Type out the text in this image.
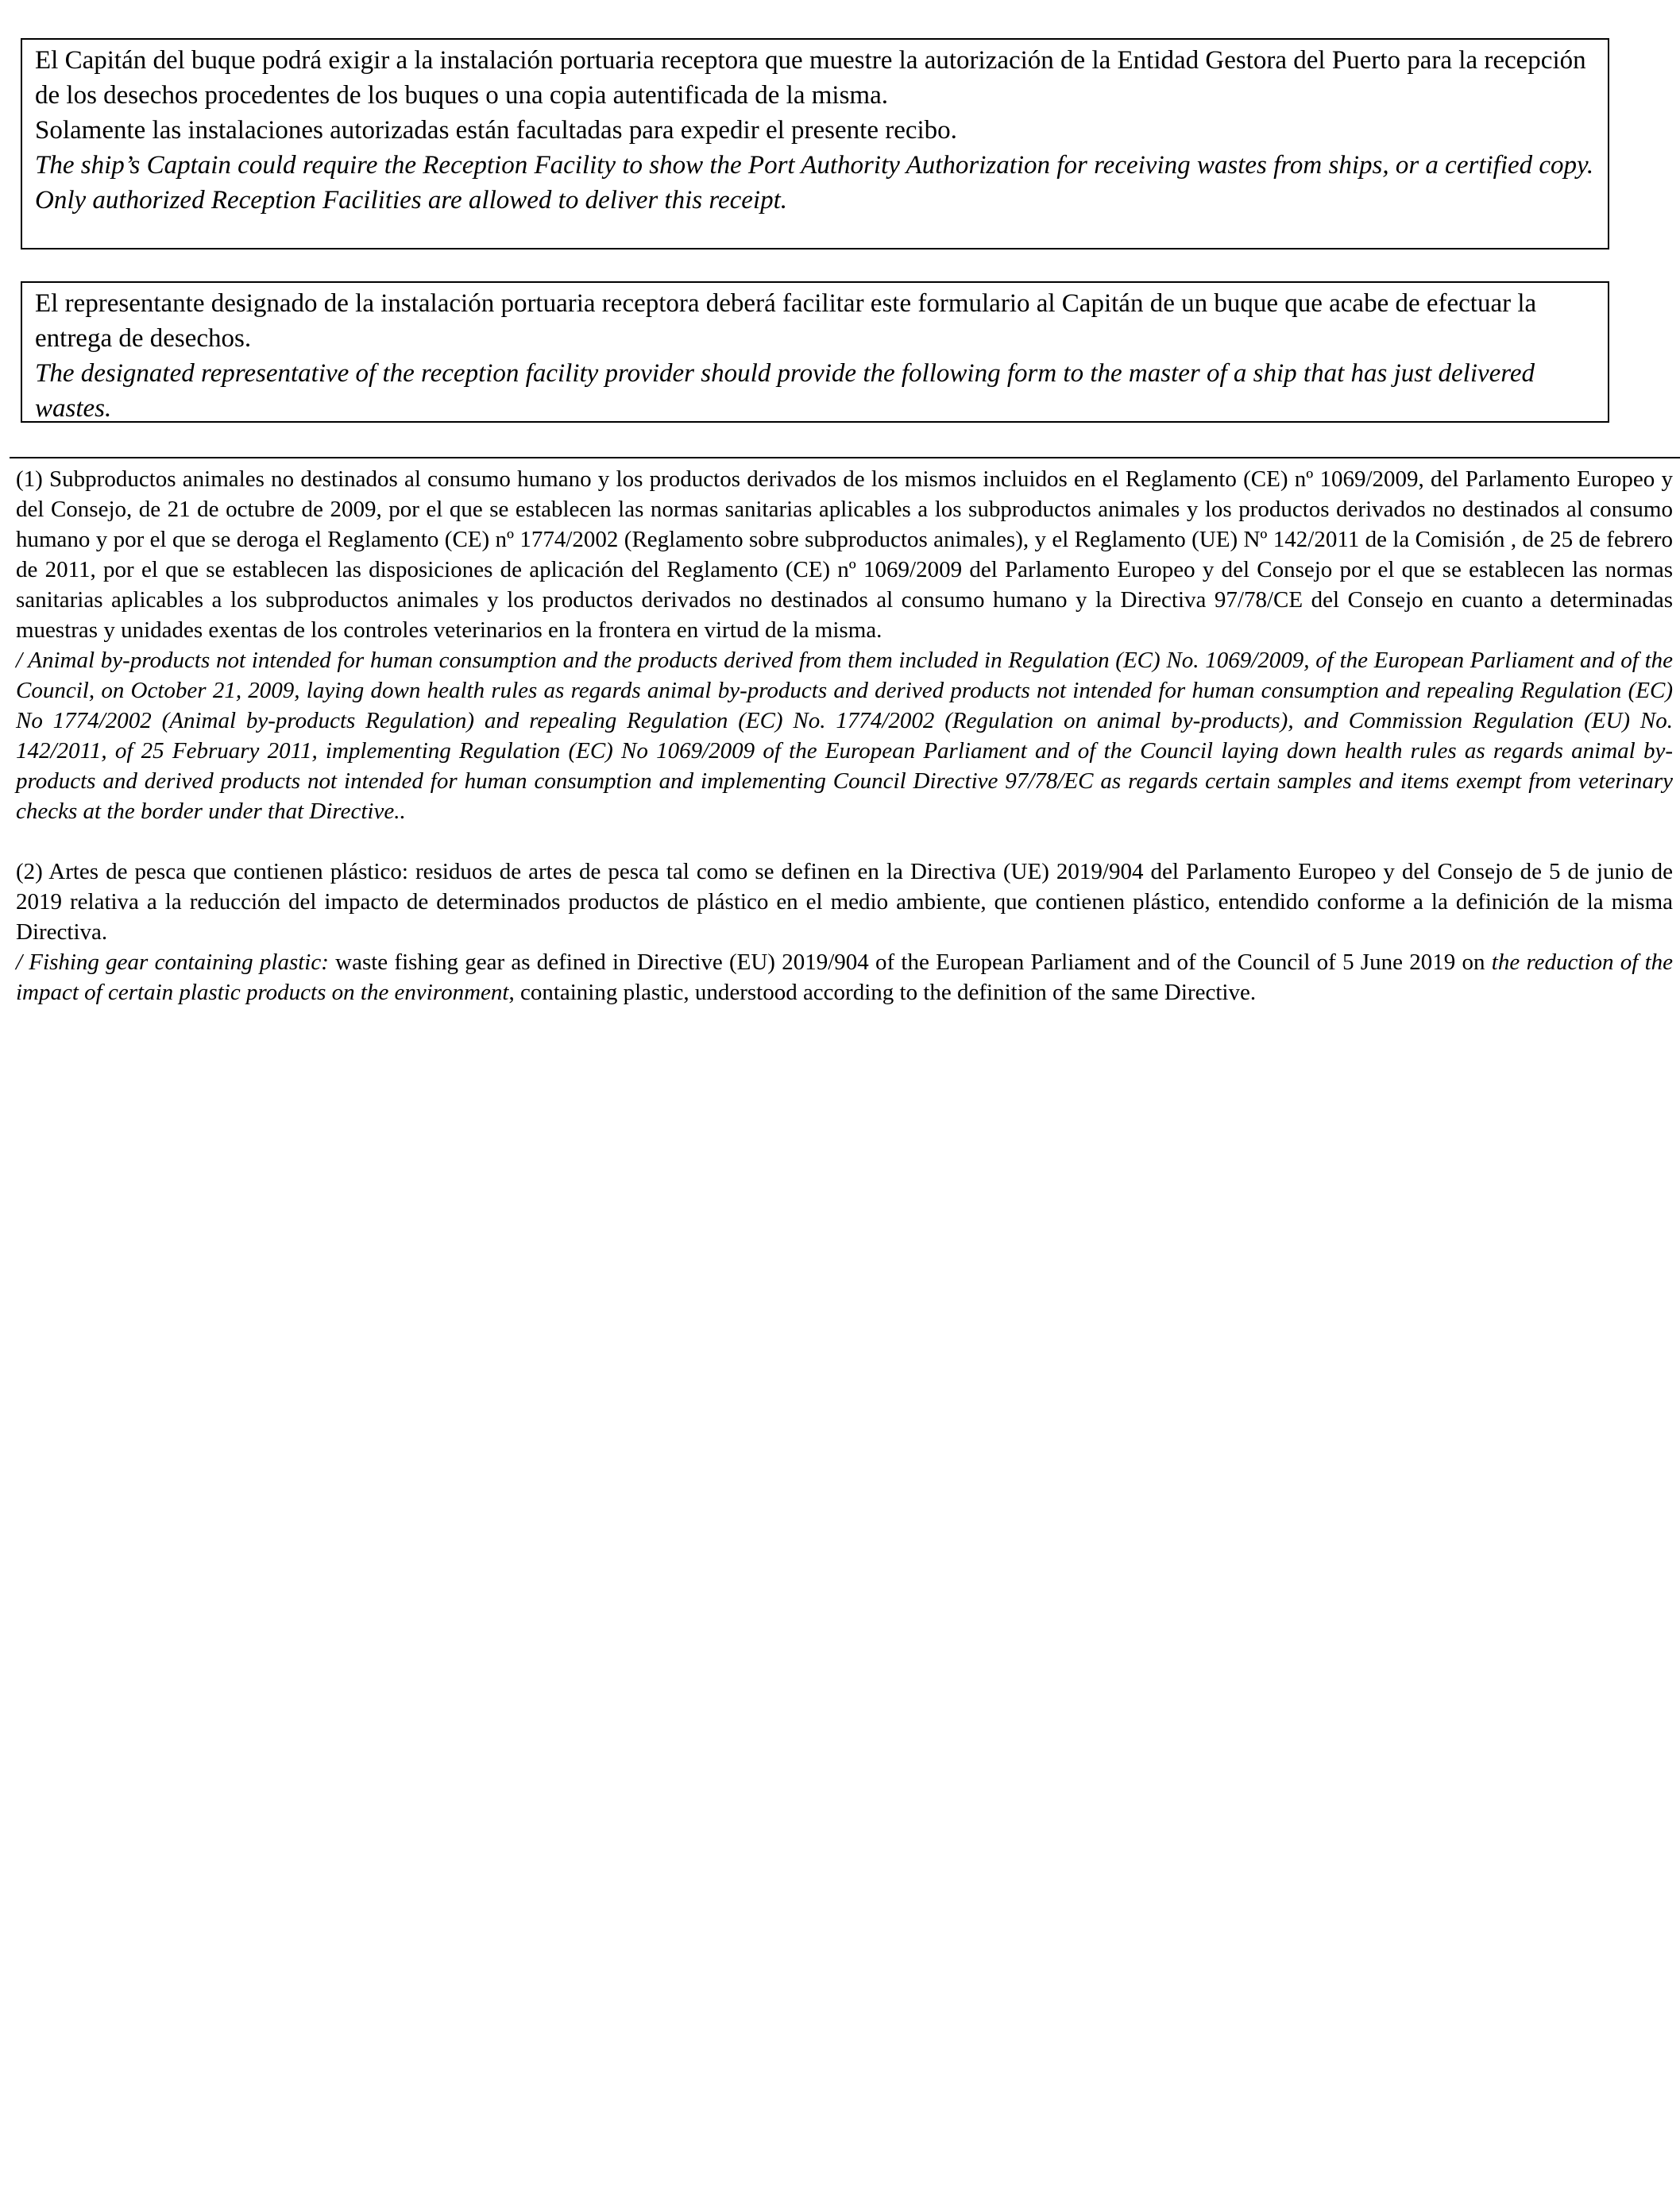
El Capitán del buque podrá exigir a la instalación portuaria receptora que muestre la autorización de la Entidad Gestora del Puerto para la recepción de los desechos procedentes de los buques o una copia autentificada de la misma.

Solamente las instalaciones autorizadas están facultadas para expedir el presente recibo.

The ship’s Captain could require the Reception Facility to show the Port Authority Authorization for receiving wastes from ships, or a certified copy.

Only authorized Reception Facilities are allowed to deliver this receipt.

El representante designado de la instalación portuaria receptora deberá facilitar este formulario al Capitán de un buque que acabe de efectuar la entrega de desechos.

The designated representative of the reception facility provider should provide the following form to the master of a ship that has just delivered wastes.

(1) Subproductos animales no destinados al consumo humano y los productos derivados de los mismos incluidos en el Reglamento (CE) nº 1069/2009, del Parlamento Europeo y del Consejo, de 21 de octubre de 2009, por el que se establecen las normas sanitarias aplicables a los subproductos animales y los productos derivados no destinados al consumo humano y por el que se deroga el Reglamento (CE) nº 1774/2002 (Reglamento sobre subproductos animales), y el Reglamento (UE) Nº 142/2011 de la Comisión , de 25 de febrero de 2011, por el que se establecen las disposiciones de aplicación del Reglamento (CE) nº 1069/2009 del Parlamento Europeo y del Consejo por el que se establecen las normas sanitarias aplicables a los subproductos animales y los productos derivados no destinados al consumo humano y la Directiva 97/78/CE del Consejo en cuanto a determinadas muestras y unidades exentas de los controles veterinarios en la frontera en virtud de la misma.

/ Animal by-products not intended for human consumption and the products derived from them included in Regulation (EC) No. 1069/2009, of the European Parliament and of the Council, on October 21, 2009, laying down health rules as regards animal by-products and derived products not intended for human consumption and repealing Regulation (EC) No 1774/2002 (Animal by-products Regulation) and repealing Regulation (EC) No. 1774/2002 (Regulation on animal by-products), and Commission Regulation (EU) No. 142/2011, of 25 February 2011, implementing Regulation (EC) No 1069/2009 of the European Parliament and of the Council laying down health rules as regards animal by-products and derived products not intended for human consumption and implementing Council Directive 97/78/EC as regards certain samples and items exempt from veterinary checks at the border under that Directive..

(2) Artes de pesca que contienen plástico: residuos de artes de pesca tal como se definen en la Directiva (UE) 2019/904 del Parlamento Europeo y del Consejo de 5 de junio de 2019 relativa a la reducción del impacto de determinados productos de plástico en el medio ambiente, que contienen plástico, entendido conforme a la definición de la misma Directiva.

/ Fishing gear containing plastic: waste fishing gear as defined in Directive (EU) 2019/904 of the European Parliament and of the Council of 5 June 2019 on the reduction of the impact of certain plastic products on the environment, containing plastic, understood according to the definition of the same Directive.
